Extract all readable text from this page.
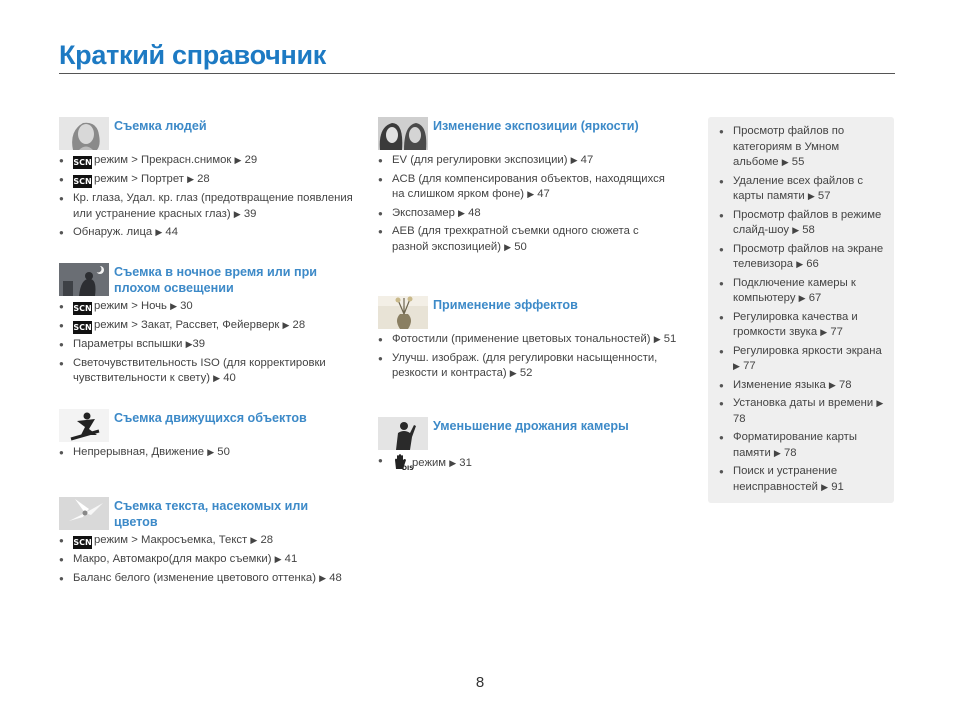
Краткий справочник
Съемка людей
● SCN режим > Прекрасн.снимок ▶ 29
● SCN режим > Портрет ▶ 28
● Кр. глаза, Удал. кр. глаз (предотвращение появления или устранение красных глаз) ▶ 39
● Обнаруж. лица ▶ 44
Съемка в ночное время или при плохом освещении
● SCN режим > Ночь ▶ 30
● SCN режим > Закат, Рассвет, Фейерверк ▶ 28
● Параметры вспышки ▶39
● Светочувствительность ISO (для корректировки чувствительности к свету) ▶ 40
Съемка движущихся объектов
● Непрерывная, Движение ▶ 50
Съемка текста, насекомых или цветов
● SCN режим > Макросъемка, Текст ▶ 28
● Макро, Автомакро(для макро съемки) ▶ 41
● Баланс белого (изменение цветового оттенка) ▶ 48
Изменение экспозиции (яркости)
● EV (для регулировки экспозиции) ▶ 47
● ACB (для компенсирования объектов, находящихся на слишком ярком фоне) ▶ 47
● Экспозамер ▶ 48
● AEB (для трехкратной съемки одного сюжета с разной экспозицией) ▶ 50
Применение эффектов
● Фотостили (применение цветовых тональностей) ▶ 51
● Улучш. изображ. (для регулировки насыщенности, резкости и контраста) ▶ 52
Уменьшение дрожания камеры
● DIS
режим ▶ 31
● Просмотр файлов по категориям в Умном альбоме ▶ 55
● Удаление всех файлов с карты памяти ▶ 57
● Просмотр файлов в режиме слайд-шоу ▶ 58
● Просмотр файлов на экране телевизора ▶ 66
● Подключение камеры к компьютеру ▶ 67
● Регулировка качества и громкости звука ▶ 77
● Регулировка яркости экрана ▶ 77
● Изменение языка ▶ 78
● Установка даты и времени ▶ 78
● Форматирование карты памяти ▶ 78
● Поиск и устранение неисправностей ▶ 91
8
